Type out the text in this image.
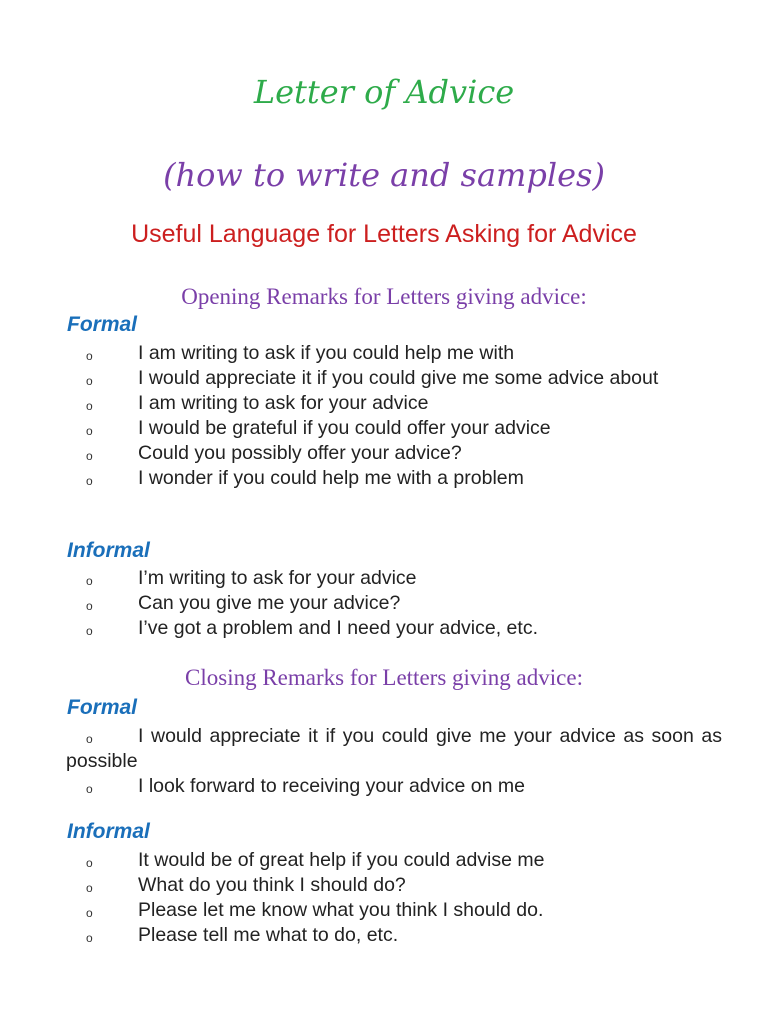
Letter of Advice
(how to write and samples)
Useful Language for Letters Asking for Advice
Opening Remarks for Letters giving advice:
Formal
o I am writing to ask if you could help me with
o I would appreciate it if you could give me some advice about
o I am writing to ask for your advice
o I would be grateful if you could offer your advice
o Could you possibly offer your advice?
o I wonder if you could help me with a problem
Informal
o I’m writing to ask for your advice
o Can you give me your advice?
o I’ve got a problem and I need your advice, etc.
Closing Remarks for Letters giving advice:
Formal
o I would appreciate it if you could give me your advice as soon as possible
o I look forward to receiving your advice on me
Informal
o It would be of great help if you could advise me
o What do you think I should do?
o Please let me know what you think I should do.
o Please tell me what to do, etc.
